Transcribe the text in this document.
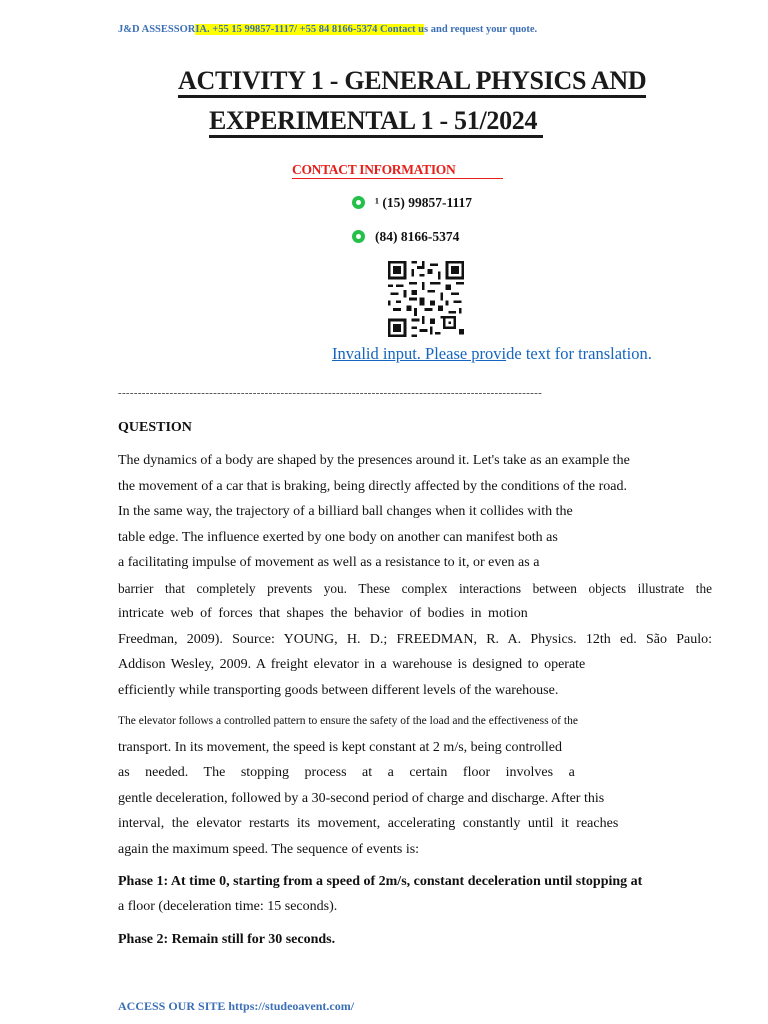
J&D ASSESSORIA. +55 15 99857-1117/ +55 84 8166-5374 Contact us and request your quote.
ACTIVITY 1 - GENERAL PHYSICS AND
EXPERIMENTAL 1 - 51/2024
CONTACT INFORMATION
¹ (15) 99857-1117
(84) 8166-5374
Invalid input. Please provide text for translation.
-----------------------------------------------------------------------------------------------------------
QUESTION
The dynamics of a body are shaped by the presences around it. Let's take as an example the
the movement of a car that is braking, being directly affected by the conditions of the road.
In the same way, the trajectory of a billiard ball changes when it collides with the
table edge. The influence exerted by one body on another can manifest both as
a facilitating impulse of movement as well as a resistance to it, or even as a
barrier that completely prevents you. These complex interactions between objects illustrate the
intricate web of forces that shapes the behavior of bodies in motion
Freedman, 2009). Source: YOUNG, H. D.; FREEDMAN, R. A. Physics. 12th ed. São Paulo:
Addison Wesley, 2009. A freight elevator in a warehouse is designed to operate
efficiently while transporting goods between different levels of the warehouse.
The elevator follows a controlled pattern to ensure the safety of the load and the effectiveness of the
transport. In its movement, the speed is kept constant at 2 m/s, being controlled
as needed. The stopping process at a certain floor involves a
gentle deceleration, followed by a 30-second period of charge and discharge. After this
interval, the elevator restarts its movement, accelerating constantly until it reaches
again the maximum speed. The sequence of events is:
Phase 1: At time 0, starting from a speed of 2m/s, constant deceleration until stopping at
a floor (deceleration time: 15 seconds).
Phase 2: Remain still for 30 seconds.
ACCESS OUR SITE https://studeoavent.com/
